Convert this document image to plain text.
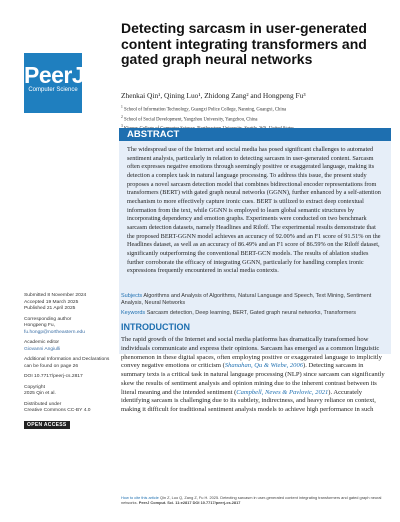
PeerJ
Computer Science
Detecting sarcasm in user-generated content integrating transformers and gated graph neural networks
Zhenkai Qin¹, Qining Luo¹, Zhidong Zang² and Hongpeng Fu³
$^1$ School of Information Technology, Guangxi Police College, Nanning, Guangxi, China
$^2$ School of Social Development, Yangzhou University, Yangzhou, China
$^3$
ABSTRACT

The widespread use of the Internet and social media has posed significant challenges to automated sentiment analysis, particularly in relation to detecting sarcasm in user-generated content. Sarcasm often expresses negative emotions through seemingly positive or exaggerated language, making its detection a complex task in natural language processing. To address this issue, the present study proposes a novel sarcasm detection model that combines bidirectional encoder representations from transformers (BERT) with gated graph neural networks (GGNN), further enhanced by a self-attention mechanism to more effectively capture ironic cues. BERT is utilized to extract deep contextual information from the text, while GGNN is employed to learn global semantic structures by incorporating dependency and emotion graphs. Experiments were conducted on two benchmark sarcasm detection datasets, namely Headlines and Riloff. The experimental results demonstrate that the proposed BERT-GGNN model achieves an accuracy of 92.00% and an F1 score of 91.51% on the Headlines dataset, as well as an accuracy of 86.49% and an F1 score of 86.59% on the Riloff dataset, significantly outperforming the conventional BERT-GCN models. The results of ablation studies further corroborate the efficacy of integrating GGNN, particularly for handling complex ironic expressions frequently encountered in social media contexts.

Submitted 8 November 2024
Accepted 19 March 2025
Published 21 April 2025
Corresponding author
Hongpeng Fu,
fu.hongp@northeastern.edu
Academic editor
Giovanni Angiulli
Additional Information and Declarations can be found on page 26
DOI 10.7717/peerj-cs.2817
Copyright
2025 Qin et al.
Distributed under
Creative Commons CC-BY 4.0
OPEN ACCESS
Subjects Algorithms and Analysis of Algorithms, Natural Language and Speech, Text Mining, Sentiment Analysis, Neural Networks
Keywords Sarcasm detection, Deep learning, BERT, Gated graph neural networks, Transformers
INTRODUCTION

The rapid growth of the Internet and social media platforms has dramatically transformed how individuals communicate and express their opinions. Sarcasm has emerged as a common linguistic phenomenon in these digital spaces, often employing positive or exaggerated language to implicitly convey negative emotions or criticism (Shanahan, Qu & Wiebe, 2006). Detecting sarcasm in summary texts is a critical task in natural language processing (NLP) since sarcasm can significantly skew the results of sentiment analysis and opinion mining due to the inherent contrast between its literal meaning and the intended sentiment (Campbell, Neves & Pavlovic, 2021). Accurately identifying sarcasm is challenging due to its subtlety, indirectness, and heavy reliance on context, making it difficult for traditional sentiment analysis models to achieve high performance in such

How to cite this article Qin Z, Luo Q, Zang Z, Fu H. 2025. Detecting sarcasm in user-generated content integrating transformers and gated graph neural networks. PeerJ Comput. Sci. 11:e2817 DOI 10.7717/peerj-cs.2817
